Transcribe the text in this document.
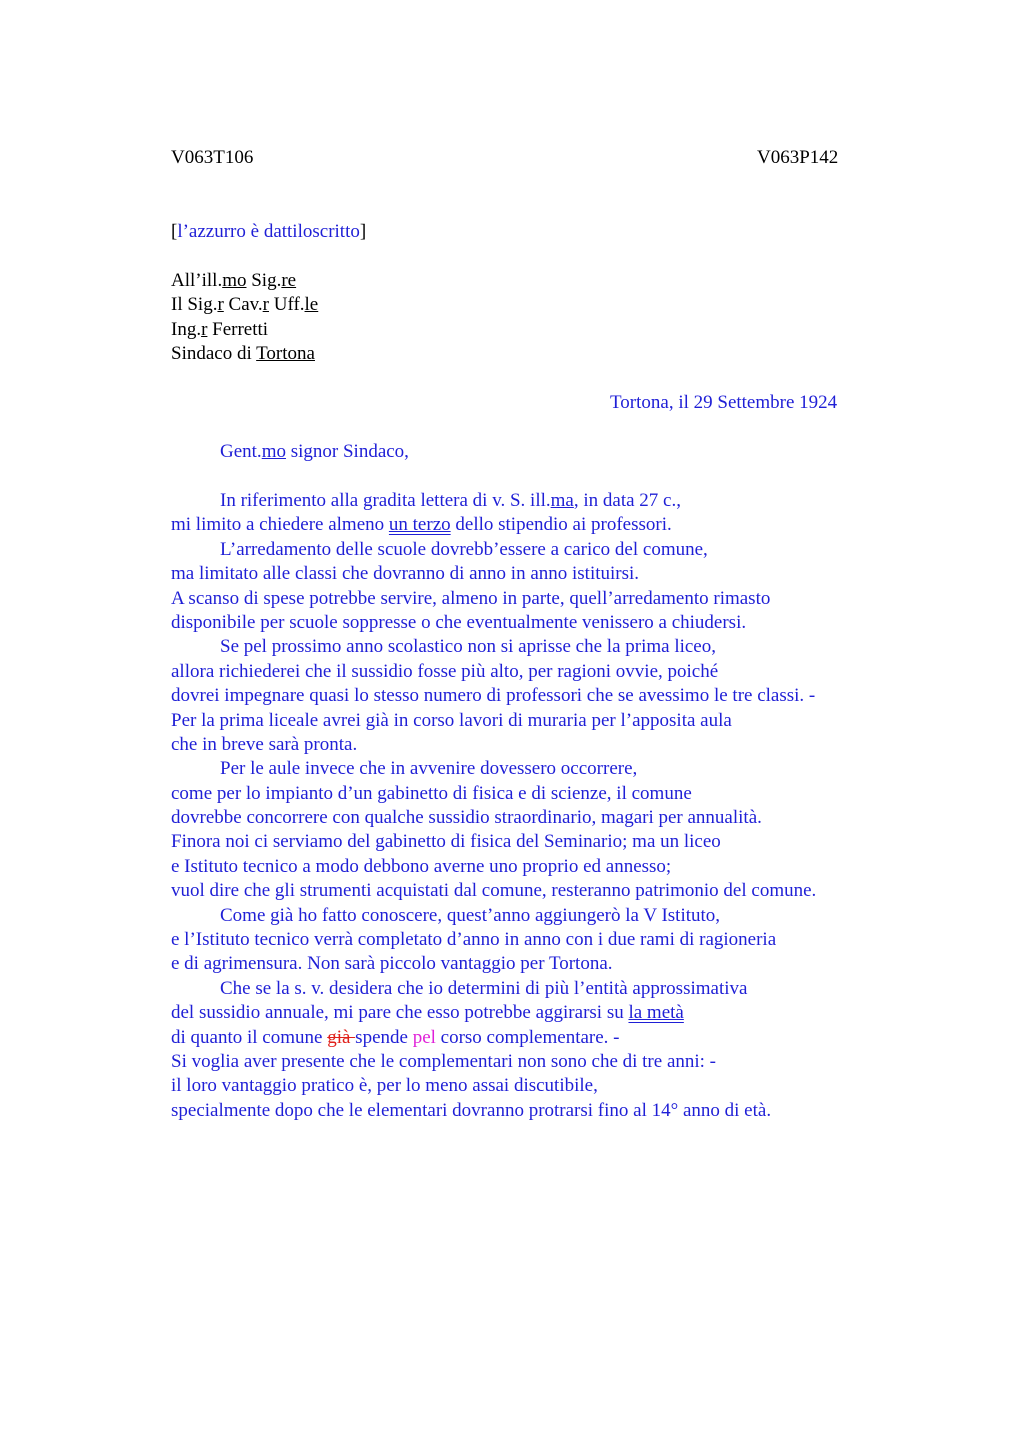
V063T106	V063P142
[l’azzurro è dattiloscritto]
All’ill.mo Sig.re
Il Sig.r Cav.r Uff.le
Ing.r Ferretti
Sindaco di Tortona
Tortona, il 29 Settembre 1924
Gent.mo signor Sindaco,
In riferimento alla gradita lettera di v. S. ill.ma, in data 27 c.,
mi limito a chiedere almeno un terzo dello stipendio ai professori.
L’arredamento delle scuole dovrebb’essere a carico del comune,
ma limitato alle classi che dovranno di anno in anno istituirsi.
A scanso di spese potrebbe servire, almeno in parte, quell’arredamento rimasto
disponibile per scuole soppresse o che eventualmente venissero a chiudersi.
Se pel prossimo anno scolastico non si aprisse che la prima liceo,
allora richiederei che il sussidio fosse più alto, per ragioni ovvie, poiché
dovrei impegnare quasi lo stesso numero di professori che se avessimo le tre classi. -
Per la prima liceale avrei già in corso lavori di muraria per l’apposita aula
che in breve sarà pronta.
Per le aule invece che in avvenire dovessero occorrere,
come per lo impianto d’un gabinetto di fisica e di scienze, il comune
dovrebbe concorrere con qualche sussidio straordinario, magari per annualità.
Finora noi ci serviamo del gabinetto di fisica del Seminario; ma un liceo
e Istituto tecnico a modo debbono averne uno proprio ed annesso;
vuol dire che gli strumenti acquistati dal comune, resteranno patrimonio del comune.
Come già ho fatto conoscere, quest’anno aggiungerò la V Istituto,
e l’Istituto tecnico verrà completato d’anno in anno con i due rami di ragioneria
e di agrimensura. Non sarà piccolo vantaggio per Tortona.
Che se la s. v. desidera che io determini di più l’entità approssimativa
del sussidio annuale, mi pare che esso potrebbe aggirarsi su la metà
di quanto il comune già spende pel corso complementare. -
Si voglia aver presente che le complementari non sono che di tre anni: -
il loro vantaggio pratico è, per lo meno assai discutibile,
specialmente dopo che le elementari dovranno protrarsi fino al 14° anno di età.
